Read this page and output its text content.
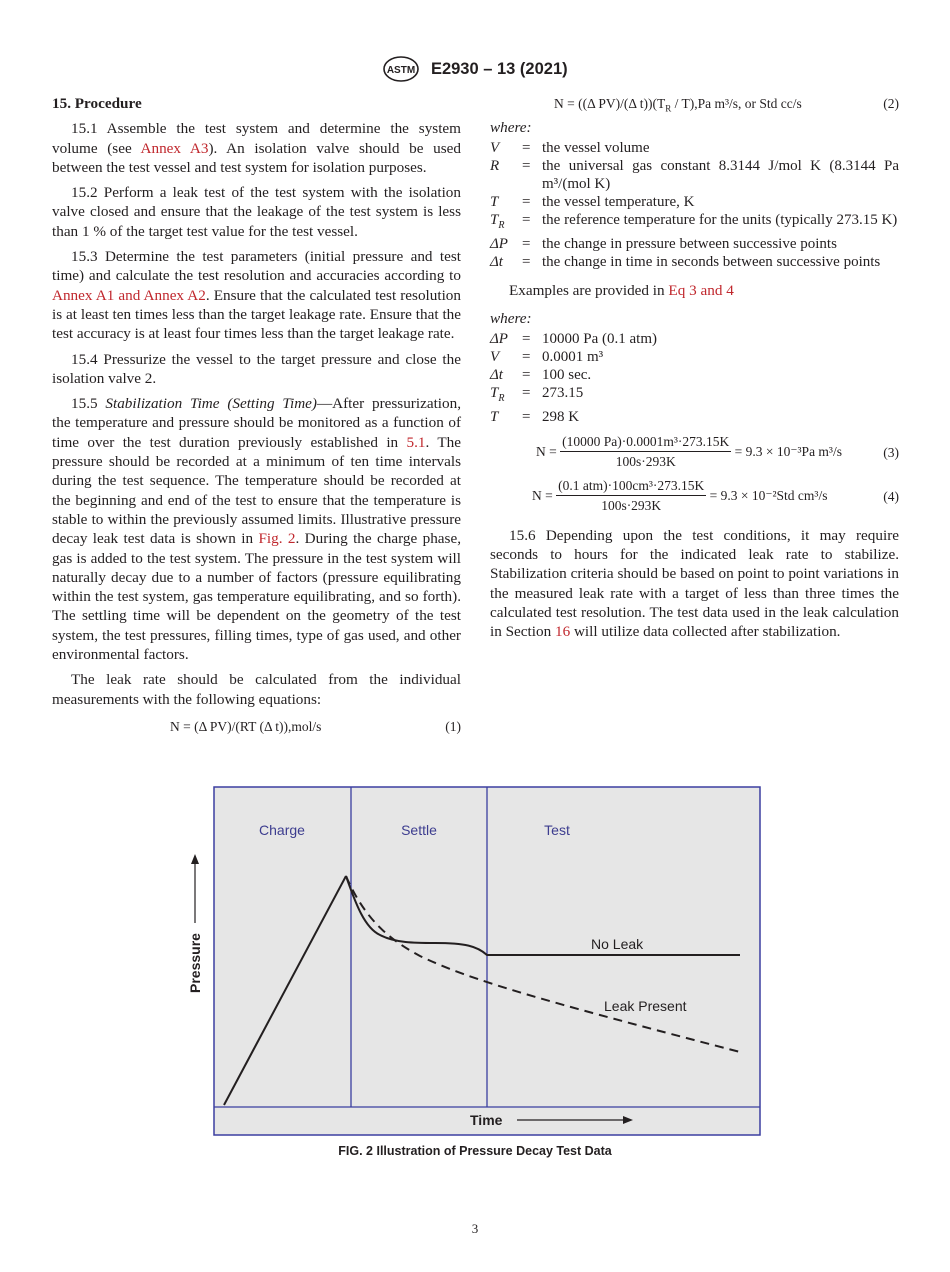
ASTM E2930 – 13 (2021)
15. Procedure

15.1 Assemble the test system and determine the system volume (see Annex A3). An isolation valve should be used between the test vessel and test system for isolation purposes.

15.2 Perform a leak test of the test system with the isolation valve closed and ensure that the leakage of the test system is less than 1 % of the target test value for the test vessel.

15.3 Determine the test parameters (initial pressure and test time) and calculate the test resolution and accuracies according to Annex A1 and Annex A2. Ensure that the calculated test resolution is at least ten times less than the target leakage rate. Ensure that the test accuracy is at least four times less than the target leakage rate.

15.4 Pressurize the vessel to the target pressure and close the isolation valve 2.

15.5 Stabilization Time (Setting Time)—After pressurization, the temperature and pressure should be monitored as a function of time over the test duration previously established in 5.1. The pressure should be recorded at a minimum of ten time intervals during the test sequence. The temperature should be recorded at the beginning and end of the test to ensure that the temperature is stable to within the previously assumed limits. Illustrative pressure decay leak test data is shown in Fig. 2. During the charge phase, gas is added to the test system. The pressure in the test system will naturally decay due to a number of factors (pressure equilibrating within the test system, gas temperature equilibrating, and so forth). The settling time will be dependent on the geometry of the test system, the test pressures, filling times, type of gas used, and other environmental factors.

The leak rate should be calculated from the individual measurements with the following equations:

N = (Δ PV)/(RT (Δ t)),mol/s	(1)
N = ((Δ PV)/(Δ $t))(T_R / T),Pa$ m³/s, or Std cc/s	(2)
where:
V	= the vessel volume
R	= the universal gas constant 8.3144 J/mol K (8.3144 Pa m³/(mol K)
T	= the vessel temperature, K
$T_R$	= the reference temperature for the units (typically 273.15 K)
ΔP = the change in pressure between successive points
Δt	= the change in time in seconds between successive points

Examples are provided in Eq 3 and 4

where:
ΔP = 10000 Pa (0.1 atm)
V	= 0.0001 m³
Δt	= 100 sec.
$T_R$	= 273.15
T	= 298 K
$N = \frac{\text{(10000 Pa)·0.0001m³·273.15K}}{100s\cdot 293K} = 9.3 \times 10^{-3}Pa$ m³/s	(3)
$N = \frac{\text{(0.1 atm)·100cm³·273.15K}}{100s\cdot 293K} = 9.3 \times 10^{-2}Std$ cm³/s	(4)

15.6 Depending upon the test conditions, it may require seconds to hours for the indicated leak rate to stabilize. Stabilization criteria should be based on point to point variations in the measured leak rate with a target of less than three times the calculated test resolution. The test data used in the leak calculation in Section 16 will utilize data collected after stabilization.

Charge	Settle	Test
Pressure
Time
No Leak
Leak Present
FIG. 2 Illustration of Pressure Decay Test Data
3
